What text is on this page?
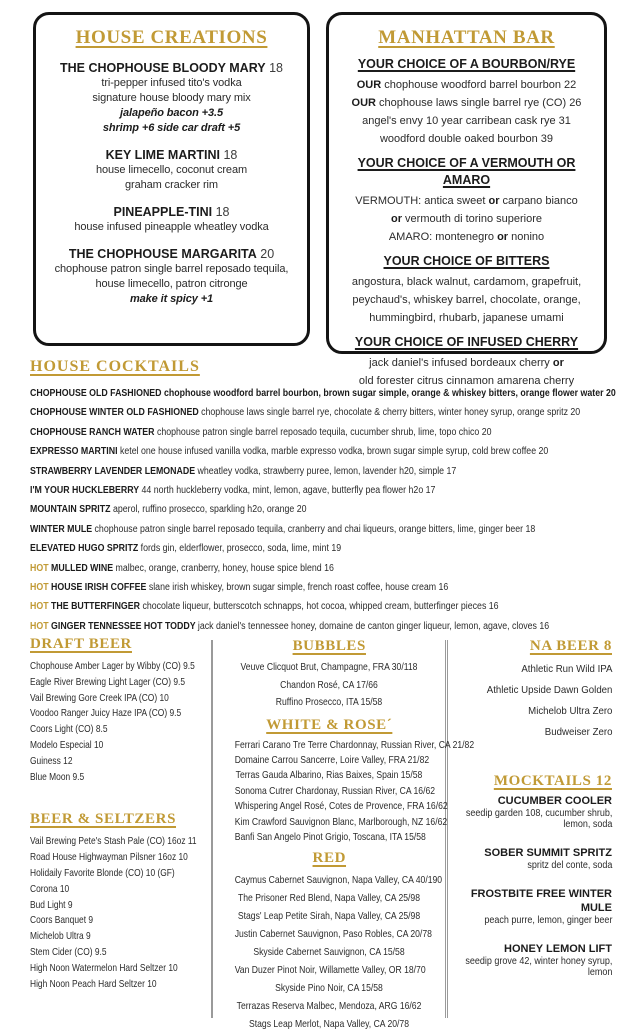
HOUSE CREATIONS
THE CHOPHOUSE BLOODY MARY 18
tri-pepper infused tito's vodka
signature house bloody mary mix
jalapeño bacon +3.5
shrimp +6 side car draft +5
KEY LIME MARTINI 18
house limecello, coconut cream
graham cracker rim
PINEAPPLE-TINI 18
house infused pineapple wheatley vodka
THE CHOPHOUSE MARGARITA 20
chophouse patron single barrel reposado tequila,
house limecello, patron citronge
make it spicy +1
MANHATTAN BAR
YOUR CHOICE OF A BOURBON/RYE
OUR chophouse woodford barrel bourbon 22
OUR chophouse laws single barrel rye (CO) 26
angel's envy 10 year carribean cask rye 31
woodford double oaked bourbon 39
YOUR CHOICE OF A VERMOUTH OR AMARO
VERMOUTH: antica sweet or carpano bianco
or vermouth di torino superiore
AMARO: montenegro or nonino
YOUR CHOICE OF BITTERS
angostura, black walnut, cardamom, grapefruit,
peychaud's, whiskey barrel, chocolate, orange,
hummingbird, rhubarb, japanese umami
YOUR CHOICE OF INFUSED CHERRY
jack daniel's infused bordeaux cherry or
old forester citrus cinnamon amarena cherry
HOUSE COCKTAILS
CHOPHOUSE OLD FASHIONED chophouse woodford barrel bourbon, brown sugar simple, orange & whiskey bitters, orange flower water 20
CHOPHOUSE WINTER OLD FASHIONED chophouse laws single barrel rye, chocolate & cherry bitters, winter honey syrup, orange spritz 20
CHOPHOUSE RANCH WATER chophouse patron single barrel reposado tequila, cucumber shrub, lime, topo chico 20
EXPRESSO MARTINI ketel one house infused vanilla vodka, marble expresso vodka, brown sugar simple syrup, cold brew coffee 20
STRAWBERRY LAVENDER LEMONADE wheatley vodka, strawberry puree, lemon, lavender h20, simple 17
I'M YOUR HUCKLEBERRY 44 north huckleberry vodka, mint, lemon, agave, butterfly pea flower h2o 17
MOUNTAIN SPRITZ aperol, ruffino prosecco, sparkling h2o, orange 20
WINTER MULE chophouse patron single barrel reposado tequila, cranberry and chai liqueurs, orange bitters, lime, ginger beer 18
ELEVATED HUGO SPRITZ fords gin, elderflower, prosecco, soda, lime, mint 19
HOT MULLED WINE malbec, orange, cranberry, honey, house spice blend 16
HOT HOUSE IRISH COFFEE slane irish whiskey, brown sugar simple, french roast coffee, house cream 16
HOT THE BUTTERFINGER chocolate liqueur, butterscotch schnapps, hot cocoa, whipped cream, butterfinger pieces 16
HOT GINGER TENNESSEE HOT TODDY jack daniel's tennessee honey, domaine de canton ginger liqueur, lemon, agave, cloves 16
DRAFT BEER
Chophouse Amber Lager by Wibby (CO) 9.5
Eagle River Brewing Light Lager (CO) 9.5
Vail Brewing Gore Creek IPA (CO) 10
Voodoo Ranger Juicy Haze IPA (CO) 9.5
Coors Light (CO) 8.5
Modelo Especial 10
Guiness 12
Blue Moon 9.5
BEER & SELTZERS
Vail Brewing Pete's Stash Pale (CO) 16oz 11
Road House Highwayman Pilsner 16oz 10
Holidaily Favorite Blonde (CO) 10 (GF)
Corona 10
Bud Light 9
Coors Banquet 9
Michelob Ultra 9
Stem Cider (CO) 9.5
High Noon Watermelon Hard Seltzer 10
High Noon Peach Hard Seltzer 10
BUBBLES
Veuve Clicquot Brut, Champagne, FRA 30/118
Chandon Rosé, CA 17/66
Ruffino Prosecco, ITA 15/58
WHITE & ROSE´
Ferrari Carano Tre Terre Chardonnay, Russian River, CA 21/82
Domaine Carrou Sancerre, Loire Valley, FRA 21/82
Terras Gauda Albarino, Rias Baixes, Spain 15/58
Sonoma Cutrer Chardonay, Russian River, CA 16/62
Whispering Angel Rosé, Cotes de Provence, FRA 16/62
Kim Crawford Sauvignon Blanc, Marlborough, NZ 16/62
Banfi San Angelo Pinot Grigio, Toscana, ITA 15/58
RED
Caymus Cabernet Sauvignon, Napa Valley, CA 40/190
The Prisoner Red Blend, Napa Valley, CA 25/98
Stags' Leap Petite Sirah, Napa Valley, CA 25/98
Justin Cabernet Sauvignon, Paso Robles, CA 20/78
Skyside Cabernet Sauvignon, CA 15/58
Van Duzer Pinot Noir, Willamette Valley, OR 18/70
Skyside Pino Noir, CA 15/58
Terrazas Reserva Malbec, Mendoza, ARG 16/62
Stags Leap Merlot, Napa Valley, CA 20/78
NA BEER 8
Athletic Run Wild IPA
Athletic Upside Dawn Golden
Michelob Ultra Zero
Budweiser Zero
MOCKTAILS 12
CUCUMBER COOLER
seedip garden 108, cucumber shrub,
lemon, soda
SOBER SUMMIT SPRITZ
spritz del conte, soda
FROSTBITE FREE WINTER MULE
peach purre, lemon, ginger beer
HONEY LEMON LIFT
seedip grove 42, winter honey syrup,
lemon
